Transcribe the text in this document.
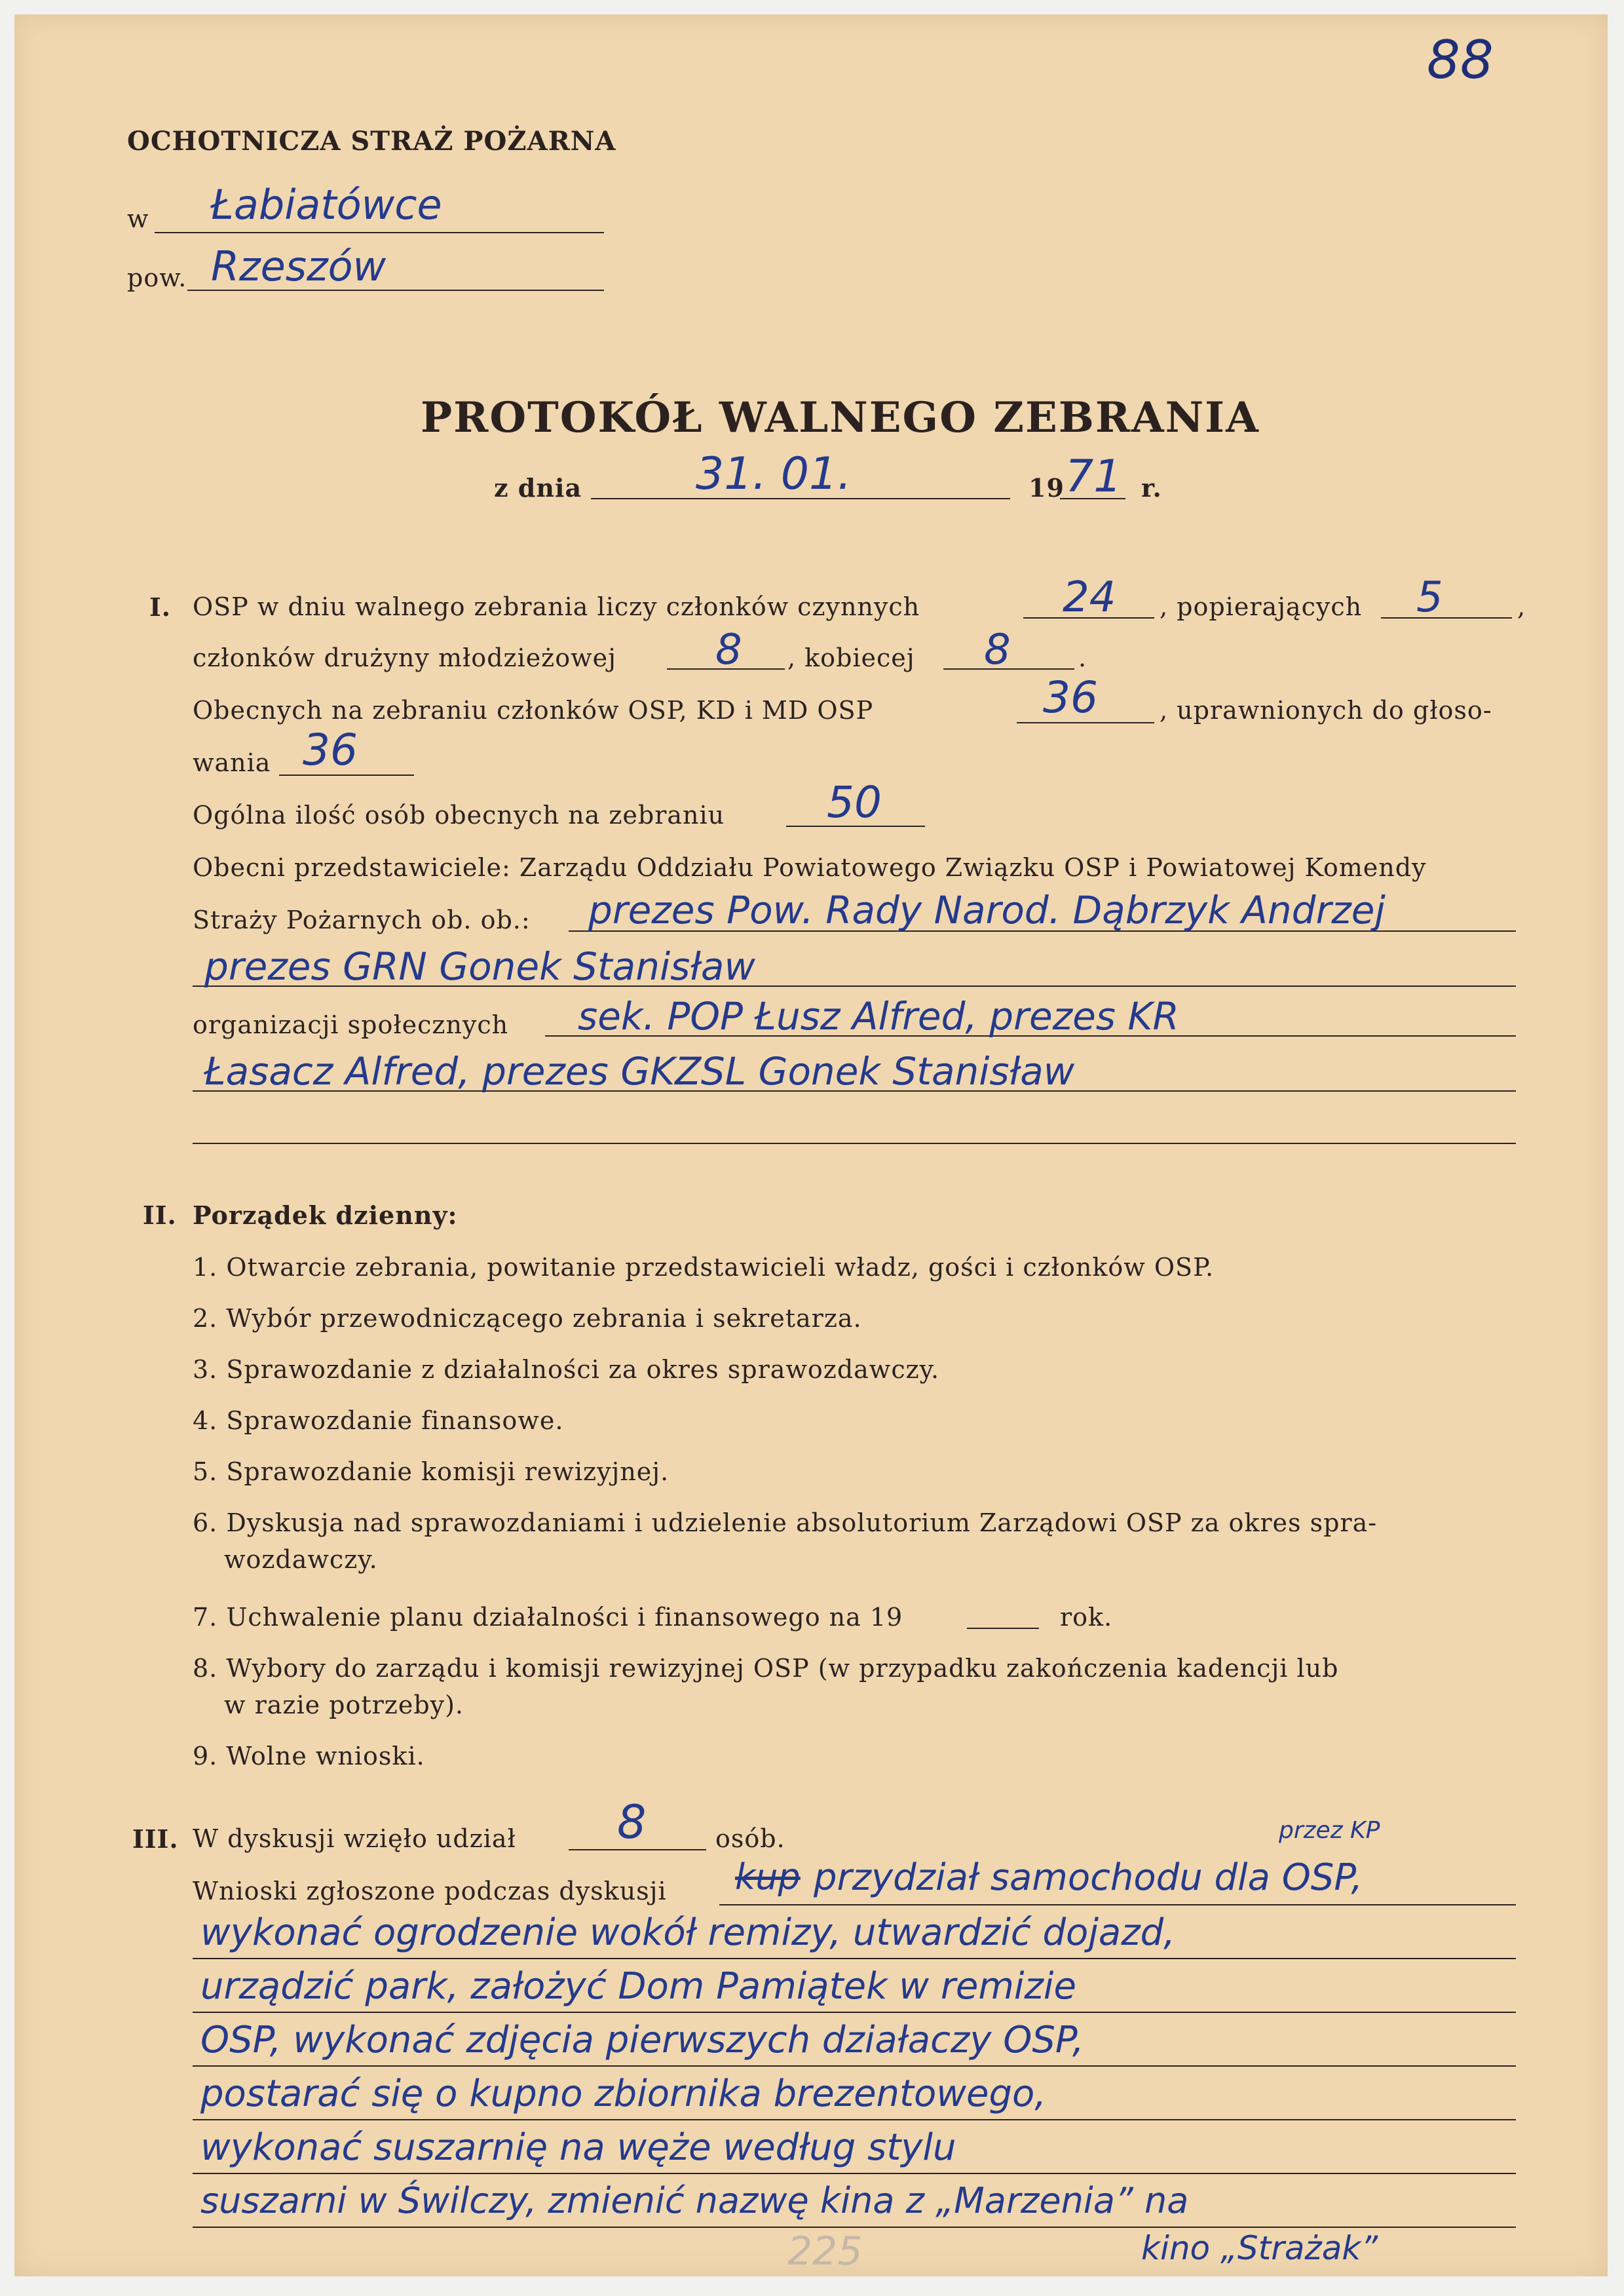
88
OCHOTNICZA STRAŻ POŻARNA
w Łabiatówce
pow. Rzeszów
PROTOKÓŁ WALNEGO ZEBRANIA
z dnia	31. 01.	19 71 r.
I. OSP w dniu walnego zebrania liczy członków czynnych	24 , popierających 5	,
członków drużyny młodzieżowej 8 , kobiecej 8	.
Obecnych na zebraniu członków OSP, KD i MD OSP	36 , uprawnionych do głoso-
wania 36
Ogólna ilość osób obecnych na zebraniu 50
Obecni przedstawiciele: Zarządu Oddziału Powiatowego Związku OSP i Powiatowej Komendy
Straży Pożarnych ob. ob.: prezes Pow. Rady Narod. Dąbrzyk Andrzej
prezes GRN Gonek Stanisław
organizacji społecznych sek. POP Łusz Alfred, prezes KR
Łasacz Alfred, prezes GKZSL Gonek Stanisław
II. Porządek dzienny:
1. Otwarcie zebrania, powitanie przedstawicieli władz, gości i członków OSP.
2. Wybór przewodniczącego zebrania i sekretarza.
3. Sprawozdanie z działalności za okres sprawozdawczy.
4. Sprawozdanie finansowe.
5. Sprawozdanie komisji rewizyjnej.
6. Dyskusja nad sprawozdaniami i udzielenie absolutorium Zarządowi OSP za okres spra-
wozdawczy.
7. Uchwalenie planu działalności i finansowego na 19	rok.
8. Wybory do zarządu i komisji rewizyjnej OSP (w przypadku zakończenia kadencji lub
w razie potrzeby).
9. Wolne wnioski.
III. W dyskusji wzięło udział 8	osób.	przez KP
Wnioski zgłoszone podczas dyskusji kup przydział samochodu dla OSP,
wykonać ogrodzenie wokół remizy, utwardzić dojazd,
urządzić park, założyć Dom Pamiątek w remizie
OSP, wykonać zdjęcia pierwszych działaczy OSP,
postarać się o kupno zbiornika brezentowego,
wykonać suszarnię na węże według stylu
suszarni w Świlczy, zmienić nazwę kina z „Marzenia” na
kino „Strażak”
225
